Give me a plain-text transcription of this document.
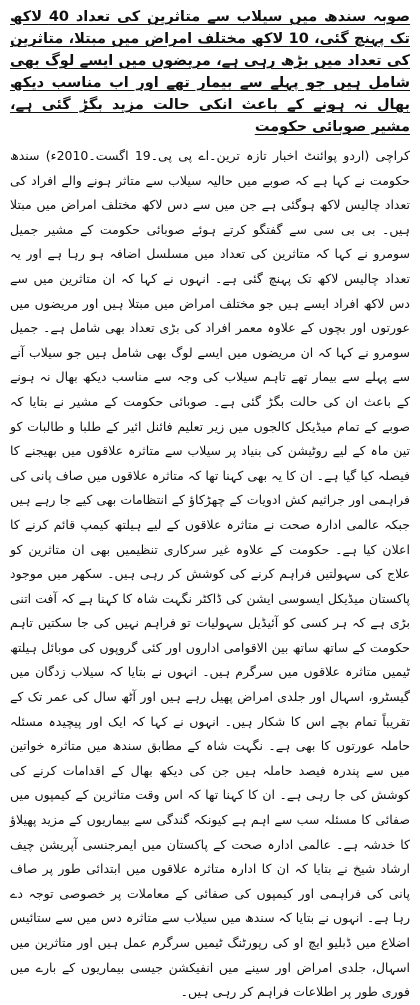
صوبہ سندھ میں سیلاب سے متاثرین کی تعداد 40 لاکھ تک پہنچ گئی، 10 لاکھ مختلف امراض میں مبتلا، متاثرین کی تعداد میں بڑھ رہی ہے، مریضوں میں ایسے لوگ بھی شامل ہیں جو پہلے سے بیمار تھے اور اب مناسب دیکھ بھال نہ ہونے کے باعث انکی حالت مزید بگڑ گئی ہے، مشیر صوبائی حکومت

کراچی (اردو پوائنٹ اخبار تازہ ترین۔اے پی پی۔19 اگست۔2010ء) سندھ حکومت نے کہا ہے کہ صوبے میں حالیہ سیلاب سے متاثر ہونے والے افراد کی تعداد چالیس لاکھ ہوگئی ہے جن میں سے دس لاکھ مختلف امراض میں مبتلا ہیں۔ بی بی سی سے گفتگو کرتے ہوئے صوبائی حکومت کے مشیر جمیل سومرو نے کہا کہ متاثرین کی تعداد میں مسلسل اضافہ ہو رہا ہے اور یہ تعداد چالیس لاکھ تک پہنچ گئی ہے۔ انہوں نے کہا کہ ان متاثرین میں سے دس لاکھ افراد ایسے ہیں جو مختلف امراض میں مبتلا ہیں اور مریضوں میں عورتوں اور بچوں کے علاوہ معمر افراد کی بڑی تعداد بھی شامل ہے۔ جمیل سومرو نے کہا کہ ان مریضوں میں ایسے لوگ بھی شامل ہیں جو سیلاب آنے سے پہلے سے بیمار تھے تاہم سیلاب کی وجہ سے مناسب دیکھ بھال نہ ہونے کے باعث ان کی حالت بگڑ گئی ہے۔ صوبائی حکومت کے مشیر نے بتایا کہ صوبے کے تمام میڈیکل کالجوں میں زیر تعلیم فائنل ائیر کے طلبا و طالبات کو تین ماہ کے لیے روٹیشن کی بنیاد پر سیلاب سے متاثرہ علاقوں میں بھیجنے کا فیصلہ کیا گیا ہے۔ ان کا یہ بھی کہنا تھا کہ متاثرہ علاقوں میں صاف پانی کی فراہمی اور جراثیم کش ادویات کے چھڑکاؤ کے انتظامات بھی کیے جا رہے ہیں جبکہ عالمی ادارہ صحت نے متاثرہ علاقوں کے لیے ہیلتھ کیمپ قائم کرنے کا اعلان کیا ہے۔ حکومت کے علاوہ غیر سرکاری تنظیمیں بھی ان متاثرین کو علاج کی سہولتیں فراہم کرنے کی کوشش کر رہی ہیں۔ سکھر میں موجود پاکستان میڈیکل ایسوسی ایشن کی ڈاکٹر نگہت شاہ کا کہنا ہے کہ آفت اتنی بڑی ہے کہ ہر کسی کو آئیڈیل سہولیات تو فراہم نہیں کی جا سکتیں تاہم حکومت کے ساتھ ساتھ بین الاقوامی اداروں اور کئی گروپوں کی موبائل ہیلتھ ٹیمیں متاثرہ علاقوں میں سرگرم ہیں۔ انہوں نے بتایا کہ سیلاب زدگان میں گیسٹرو، اسہال اور جلدی امراض پھیل رہے ہیں اور آٹھ سال کی عمر تک کے تقریباً تمام بچے اس کا شکار ہیں۔ انہوں نے کہا کہ ایک اور پیچیدہ مسئلہ حاملہ عورتوں کا بھی ہے۔ نگہت شاہ کے مطابق سندھ میں متاثرہ خواتین میں سے پندرہ فیصد حاملہ ہیں جن کی دیکھ بھال کے اقدامات کرنے کی کوشش کی جا رہی ہے۔ ان کا کہنا تھا کہ اس وقت متاثرین کے کیمپوں میں صفائی کا مسئلہ سب سے اہم ہے کیونکہ گندگی سے بیماریوں کے مزید پھیلاؤ کا خدشہ ہے۔ عالمی ادارہ صحت کے پاکستان میں ایمرجنسی آپریشن چیف ارشاد شیخ نے بتایا کہ ان کا ادارہ متاثرہ علاقوں میں ابتدائی طور پر صاف پانی کی فراہمی اور کیمپوں کی صفائی کے معاملات پر خصوصی توجہ دے رہا ہے۔ انہوں نے بتایا کہ سندھ میں سیلاب سے متاثرہ دس میں سے ستائیس اضلاع میں ڈبلیو ایچ او کی رپورٹنگ ٹیمیں سرگرم عمل ہیں اور متاثرین میں اسہال، جلدی امراض اور سینے میں انفیکشن جیسی بیماریوں کے بارے میں فوری طور پر اطلاعات فراہم کر رہی ہیں۔
